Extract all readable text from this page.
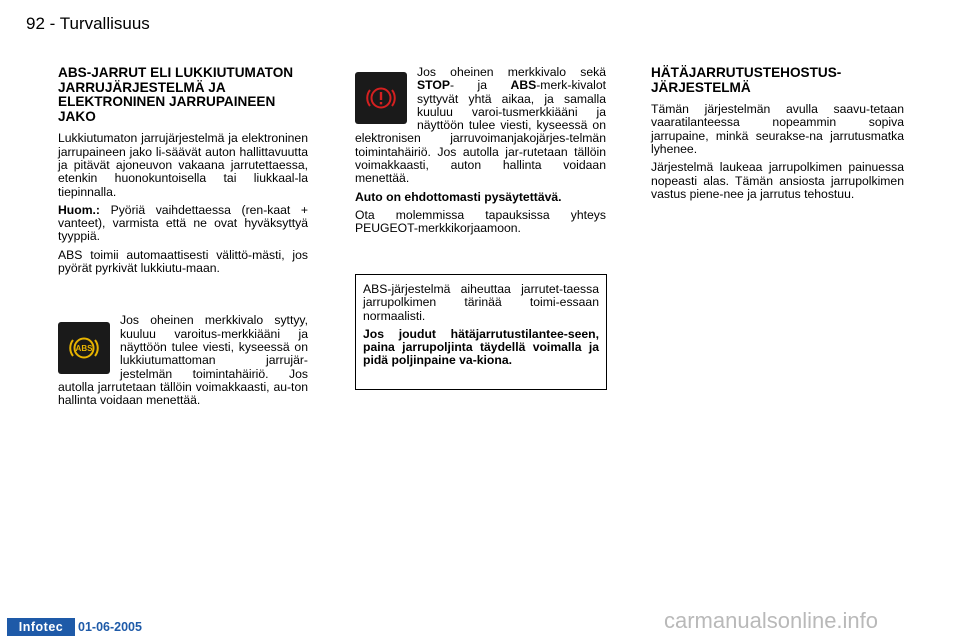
92 - Turvallisuus
ABS-JARRUT ELI LUKKIUTUMATON JARRUJÄRJESTELMÄ JA ELEKTRONINEN JARRUPAINEEN JAKO

Lukkiutumaton jarrujärjestelmä ja elektroninen jarrupaineen jako li-säävät auton hallittavuutta ja pitävät ajoneuvon vakaana jarrutettaessa, etenkin huonokuntoisella tai liukkaal-la tiepinnalla.

Huom.: Pyöriä vaihdettaessa (ren-kaat + vanteet), varmista että ne ovat hyväksyttyä tyyppiä.

ABS toimii automaattisesti välittö-mästi, jos pyörät pyrkivät lukkiutu-maan.

ABS
Jos oheinen merkkivalo syttyy, kuuluu varoitus-merkkiääni ja näyttöön tulee viesti, kyseessä on lukkiutumattoman jarrujär-jestelmän toimintahäiriö. Jos autolla jarrutetaan tällöin voimakkaasti, au-ton hallinta voidaan menettää.

Jos oheinen merkkivalo sekä STOP- ja ABS-merk-kivalot syttyvät yhtä aikaa, ja samalla kuuluu varoi-tusmerkkiääni ja näyttöön tulee viesti, kyseessä on elektronisen jarruvoimanjakojärjes-telmän toimintahäiriö. Jos autolla jar-rutetaan tällöin voimakkaasti, auton hallinta voidaan menettää.

Auto on ehdottomasti pysäytettävä.

Ota molemmissa tapauksissa yhteys PEUGEOT-merkkikorjaamoon.

ABS-järjestelmä aiheuttaa jarrutet-taessa jarrupolkimen tärinää toimi-essaan normaalisti.

Jos joudut hätäjarrutustilantee-seen, paina jarrupoljinta täydellä voimalla ja pidä poljinpaine va-kiona.

HÄTÄJARRUTUSTEHOSTUS-JÄRJESTELMÄ

Tämän järjestelmän avulla saavu-tetaan vaaratilanteessa nopeammin sopiva jarrupaine, minkä seurakse-na jarrutusmatka lyhenee.

Järjestelmä laukeaa jarrupolkimen painuessa nopeasti alas. Tämän ansiosta jarrupolkimen vastus piene-nee ja jarrutus tehostuu.

Infotec	01-06-2005	carmanualsonline.info
